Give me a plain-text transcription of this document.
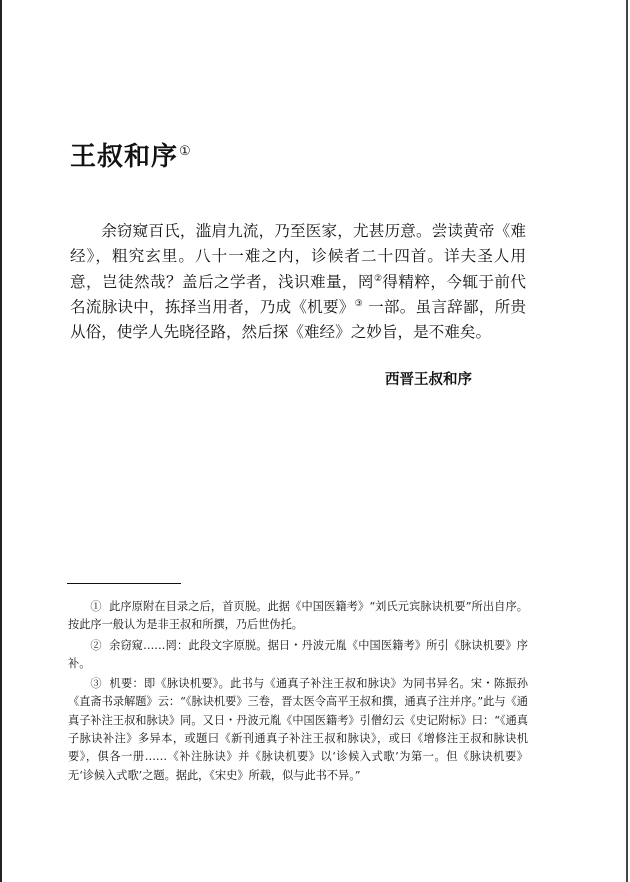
王叔和序①

余窃窥百氏，滥肩九流，乃至医家，尤甚历意。尝读黄帝《难经》，粗究玄里。八十一难之内，诊候者二十四首。详夫圣人用意，岂徒然哉？盖后之学者，浅识难量，罔②得精粹，今辄于前代名流脉诀中，拣择当用者，乃成《机要》③ 一部。虽言辞鄙，所贵从俗，使学人先晓径路，然后探《难经》之妙旨，是不难矣。

西晋王叔和序

① 此序原附在目录之后，首页脱。此据《中国医籍考》“刘氏元宾脉诀机要”所出自序。按此序一般认为是非王叔和所撰，乃后世伪托。

② 余窃窥……罔：此段文字原脱。据日・丹波元胤《中国医籍考》所引《脉诀机要》序补。

③ 机要：即《脉诀机要》。此书与《通真子补注王叔和脉诀》为同书异名。宋・陈振孙《直斋书录解题》云：“《脉诀机要》三卷，晋太医令高平王叔和撰，通真子注并序。”此与《通真子补注王叔和脉诀》同。又日・丹波元胤《中国医籍考》引僧幻云《史记附标》曰：“《通真子脉诀补注》多异本，或题曰《新刊通真子补注王叔和脉诀》，或曰《增修注王叔和脉诀机要》，俱各一册……《补注脉诀》并《脉诀机要》以‘诊候入式歌’为第一。但《脉诀机要》无‘诊候入式歌’之题。据此，《宋史》所载，似与此书不异。”
